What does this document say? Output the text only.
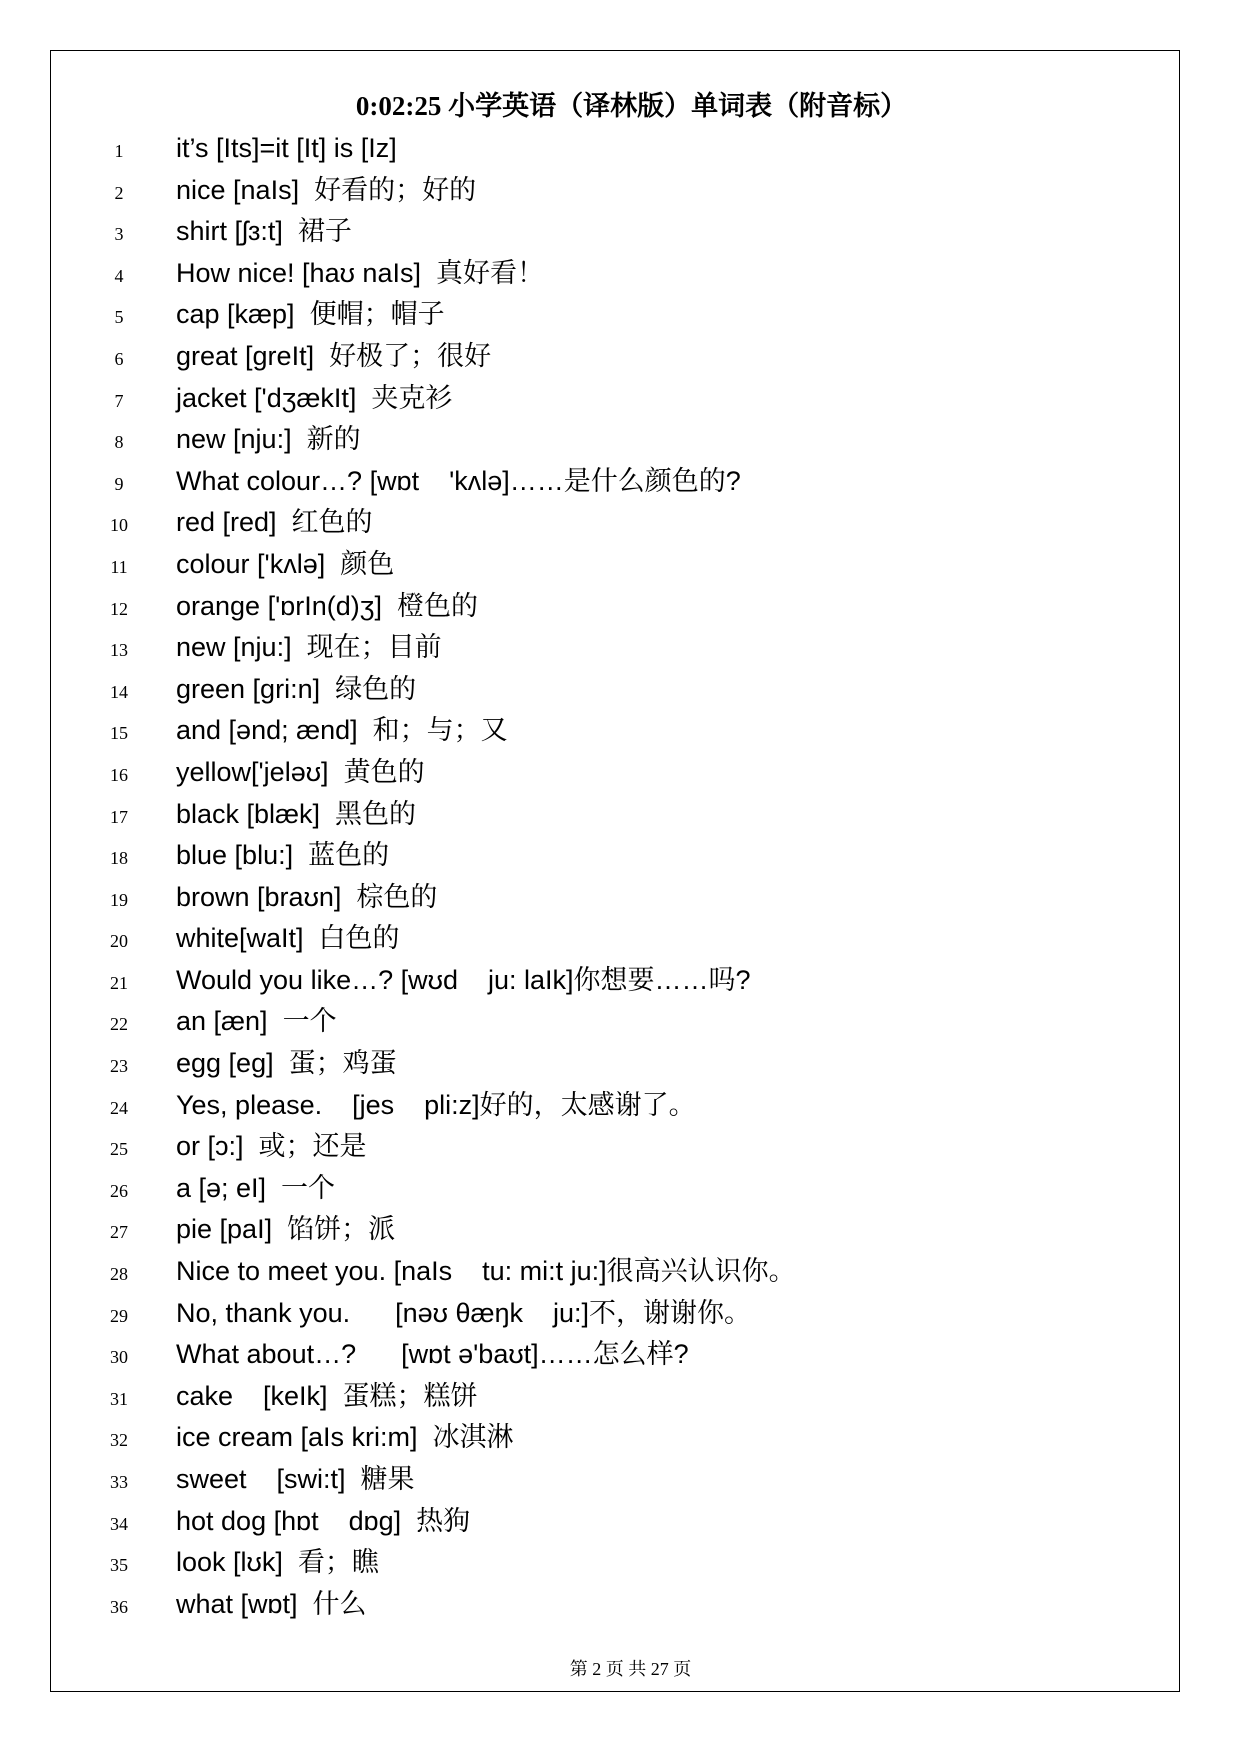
0:02:25 小学英语（译林版）单词表（附音标）
1	it’s [Its]=it [It] is [Iz]
2	nice [naIs]  好看的；好的
3	shirt [ʃɜ:t]  裙子
4	How nice! [haʊ naIs]  真好看！
5	cap [kæp]  便帽；帽子
6	great [greIt]  好极了；很好
7	jacket ['dʒækIt]  夹克衫
8	new [nju:]  新的
9	What colour…? [wɒt    'kʌlə]……是什么颜色的?
10	red [red]  红色的
11	colour ['kʌlə]  颜色
12	orange ['ɒrIn(d)ʒ]  橙色的
13	new [nju:]  现在；目前
14	green [gri:n]  绿色的
15	and [ənd; ænd]  和；与；又
16	yellow['jeləʊ]  黄色的
17	black [blæk]  黑色的
18	blue [blu:]  蓝色的
19	brown [braʊn]  棕色的
20	white[waIt]  白色的
21	Would you like…? [wʊd    ju: laIk]你想要……吗?
22	an [æn]  一个
23	egg [eg]  蛋；鸡蛋
24	Yes, please.    [jes    pli:z]好的，太感谢了。
25	or [ɔ:]  或；还是
26	a [ə; eI]  一个
27	pie [paI]  馅饼；派
28	Nice to meet you. [naIs    tu: mi:t ju:]很高兴认识你。
29	No, thank you.      [nəʊ θæŋk    ju:]不，谢谢你。
30	What about…?      [wɒt ə'baʊt]……怎么样?
31	cake    [keIk]  蛋糕；糕饼
32	ice cream [aIs kri:m]  冰淇淋
33	sweet    [swi:t]  糖果
34	hot dog [hɒt    dɒg]  热狗
35	look [lʊk]  看；瞧
36	what [wɒt]  什么
第 2 页 共 27 页
